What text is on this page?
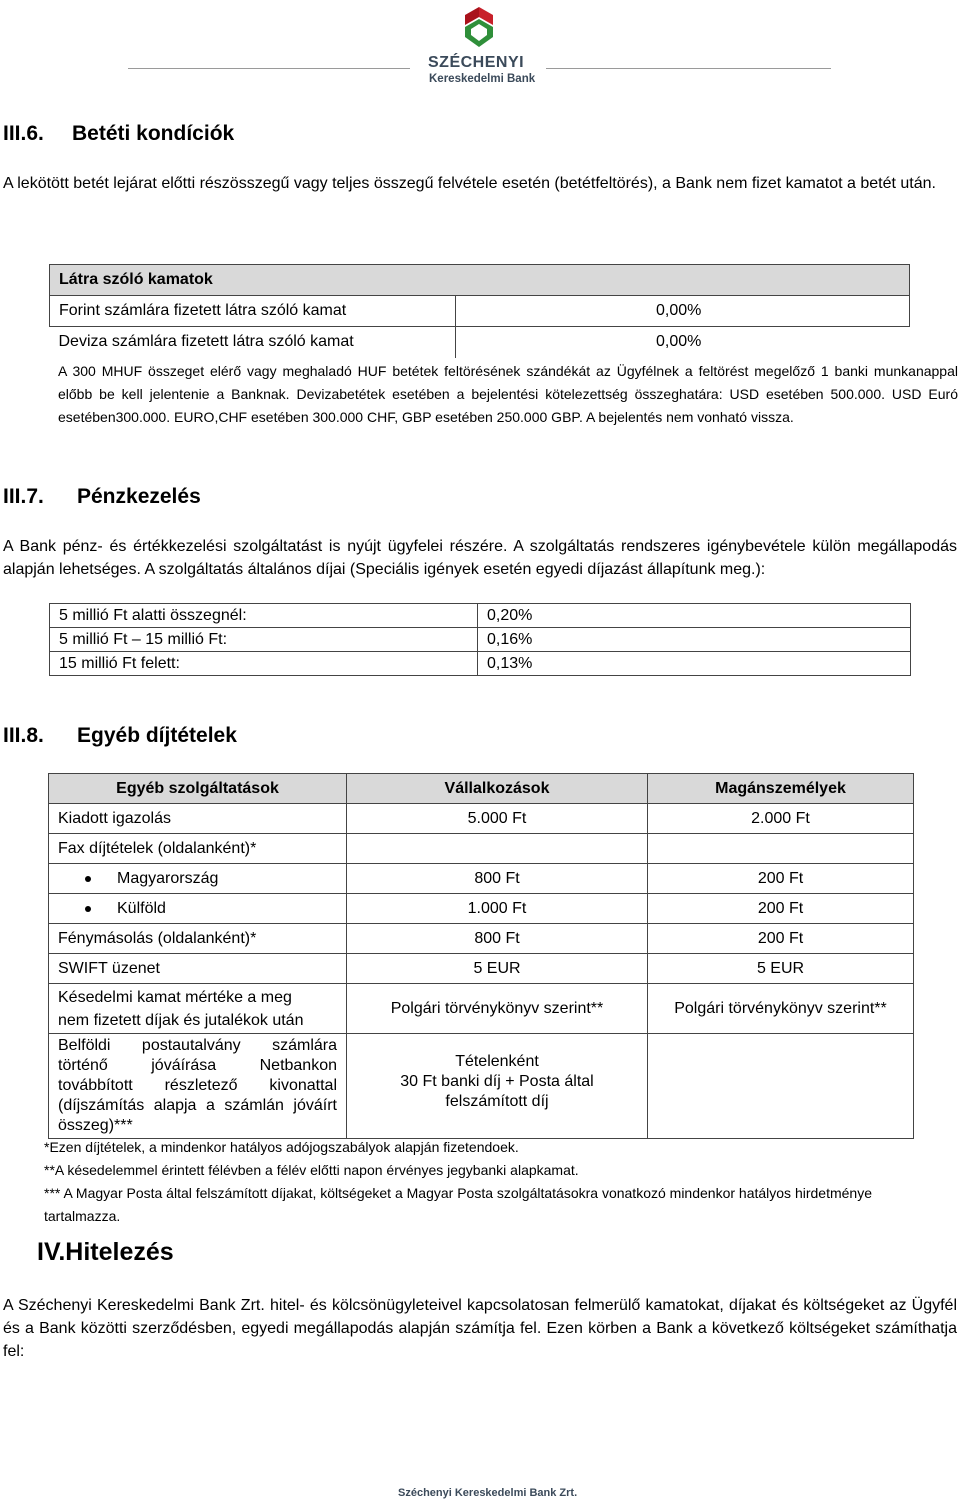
SZÉCHENYI
Kereskedelmi Bank
III.6. Betéti kondíciók
A lekötött betét lejárat előtti részösszegű vagy teljes összegű felvétele esetén (betétfeltörés), a Bank nem fizet kamatot a betét után.
Látra szóló kamatok	
Forint számlára fizetett látra szóló kamat	0,00%
Deviza számlára fizetett látra szóló kamat	0,00%
A 300 MHUF összeget elérő vagy meghaladó HUF betétek feltörésének szándékát az Ügyfélnek a feltörést megelőző 1 banki munkanappal előbb be kell jelentenie a Banknak. Devizabetétek esetében a bejelentési kötelezettség összeghatára: USD esetében 500.000. USD Euró esetében300.000. EURO,CHF esetében 300.000 CHF, GBP esetében 250.000 GBP. A bejelentés nem vonható vissza.
III.7. Pénzkezelés
A Bank pénz- és értékkezelési szolgáltatást is nyújt ügyfelei részére. A szolgáltatás rendszeres igénybevétele külön megállapodás alapján lehetséges. A szolgáltatás általános díjai (Speciális igények esetén egyedi díjazást állapítunk meg.):
5 millió Ft alatti összegnél:	0,20%
5 millió Ft – 15 millió Ft:	0,16%
15 millió Ft felett:	0,13%
III.8. Egyéb díjtételek
Egyéb szolgáltatások	Vállalkozások	Magánszemélyek
Kiadott igazolás	5.000 Ft	2.000 Ft
Fax díjtételek (oldalanként)*		
Magyarország	800 Ft	200 Ft
Külföld	1.000 Ft	200 Ft
Fénymásolás (oldalanként)*	800 Ft	200 Ft
SWIFT üzenet	5 EUR	5 EUR

Késedelmi kamat mértéke a meg
nem fizetett díjak és jutalékok után	Polgári törvénykönyv szerint**	Polgári törvénykönyv szerint**
Belföldi postautalvány számlára történő jóváírása Netbankon továbbított részletező kivonattal (díjszámítás alapja a számlán jóváírt összeg)***	Tételenként
30 Ft banki díj + Posta által
felszámított díj	

*Ezen díjtételek, a mindenkor hatályos adójogszabályok alapján fizetendoek.
**A késedelemmel érintett félévben a félév előtti napon érvényes jegybanki alapkamat.
*** A Magyar Posta által felszámított díjakat, költségeket a Magyar Posta szolgáltatásokra vonatkozó mindenkor hatályos hirdetménye tartalmazza.
IV.Hitelezés
A Széchenyi Kereskedelmi Bank Zrt. hitel- és kölcsönügyleteivel kapcsolatosan felmerülő kamatokat, díjakat és költségeket az Ügyfél és a Bank közötti szerződésben, egyedi megállapodás alapján számítja fel. Ezen körben a Bank a következő költségeket számíthatja fel:
Széchenyi Kereskedelmi Bank Zrt.
